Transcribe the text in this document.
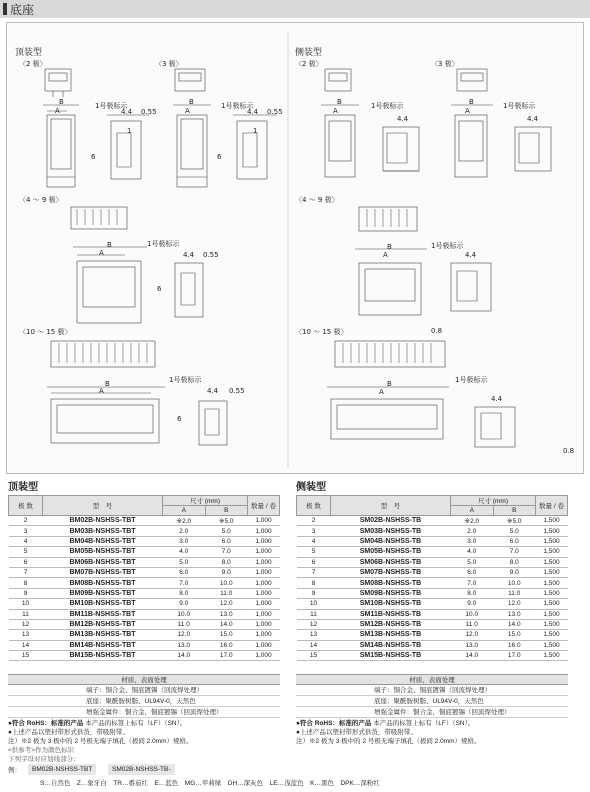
底座
顶装型	侧装型
〈2 极〉	〈3 极〉
〈4 ～ 9 极〉
〈10 ～ 15 极〉
〈2 极〉	〈3 极〉
〈4 ～ 9 极〉
〈10 ～ 15 极〉
1号极标示	1号极标示
1号极标示
1号极标示
1号极标示	1号极标示
1号极标示
1号极标示
B
A
B
A
B
A
B
A
B
A
B
A
B
A
B
A
4.4 0.55	4.4 0.55
4.4 0.55
4.4 0.55
4.4	4.4
4.4
4.4
6	6
6
6
1	1
0.8
0.8
顶装型
极 数	型　号	尺寸 (mm)		数量 / 卷
		A	B	
2	BM02B-NSHSS-TBT	※2.0	※5.0	1,000
3	BM03B-NSHSS-TBT	2.0	5.0	1,000
4	BM04B-NSHSS-TBT	3.0	6.0	1,000
5	BM05B-NSHSS-TBT	4.0	7.0	1,000
6	BM06B-NSHSS-TBT	5.0	8.0	1,000
7	BM07B-NSHSS-TBT	6.0	9.0	1,000
8	BM08B-NSHSS-TBT	7.0	10.0	1,000
9	BM09B-NSHSS-TBT	8.0	11.0	1,000
10	BM10B-NSHSS-TBT	9.0	12.0	1,000
11	BM11B-NSHSS-TBT	10.0	13.0	1,000
12	BM12B-NSHSS-TBT	11.0	14.0	1,000
13	BM13B-NSHSS-TBT	12.0	15.0	1,000
14	BM14B-NSHSS-TBT	13.0	16.0	1,000
15	BM15B-NSHSS-TBT	14.0	17.0	1,000
侧装型
极 数	型　号	尺寸 (mm)		数量 / 卷
		A	B	
2	SM02B-NSHSS-TB	※2.0	※5.0	1,500
3	SM03B-NSHSS-TB	2.0	5.0	1,500
4	SM04B-NSHSS-TB	3.0	6.0	1,500
5	SM05B-NSHSS-TB	4.0	7.0	1,500
6	SM06B-NSHSS-TB	5.0	8.0	1,500
7	SM07B-NSHSS-TB	6.0	9.0	1,500
8	SM08B-NSHSS-TB	7.0	10.0	1,500
9	SM09B-NSHSS-TB	8.0	11.0	1,500
10	SM10B-NSHSS-TB	9.0	12.0	1,500
11	SM11B-NSHSS-TB	10.0	13.0	1,500
12	SM12B-NSHSS-TB	11.0	14.0	1,500
13	SM13B-NSHSS-TB	12.0	15.0	1,500
14	SM14B-NSHSS-TB	13.0	16.0	1,500
15	SM15B-NSHSS-TB	14.0	17.0	1,500
材质、表面处理
端子：铜合金、铜底镀锡（回流焊处理）
底座：聚酰胺树脂、UL94V-0，天然色
增强金属件：铜合金，铜底镀锡（回流焊处理）
材质、表面处理
端子：铜合金、铜底镀锡（回流焊处理）
底座：聚酰胺树脂、UL94V-0，天然色
增强金属件：铜合金，铜底镀锡（回流焊处理）
●符合 RoHS：标准的产品 本产品的标签上标有（LF）（SN）。
●上述产品以塑封带形式供货，带吸附带。
注）※2 极为 3 极中的 2 号极无端子填孔（极间 2.0mm）规格。
●符合 RoHS：标准的产品 本产品的标签上标有（LF）（SN）。
●上述产品以塑封带形式供货，带吸附带。
注）※2 极为 3 极中的 2 号极无端子填孔（极间 2.0mm）规格。
<供参考>作为颜色标识
下列字母对应划线部分：
例：	BM02B-NSHSS-TBT	SM02B-NSHSS-TB-
S…自然色　Z…象牙白　TR…番茄红　E…蓝色　MG…苹莉绿　DH…深灰色　LE…浅蓝色　K…黑色　DPK…深粉红
